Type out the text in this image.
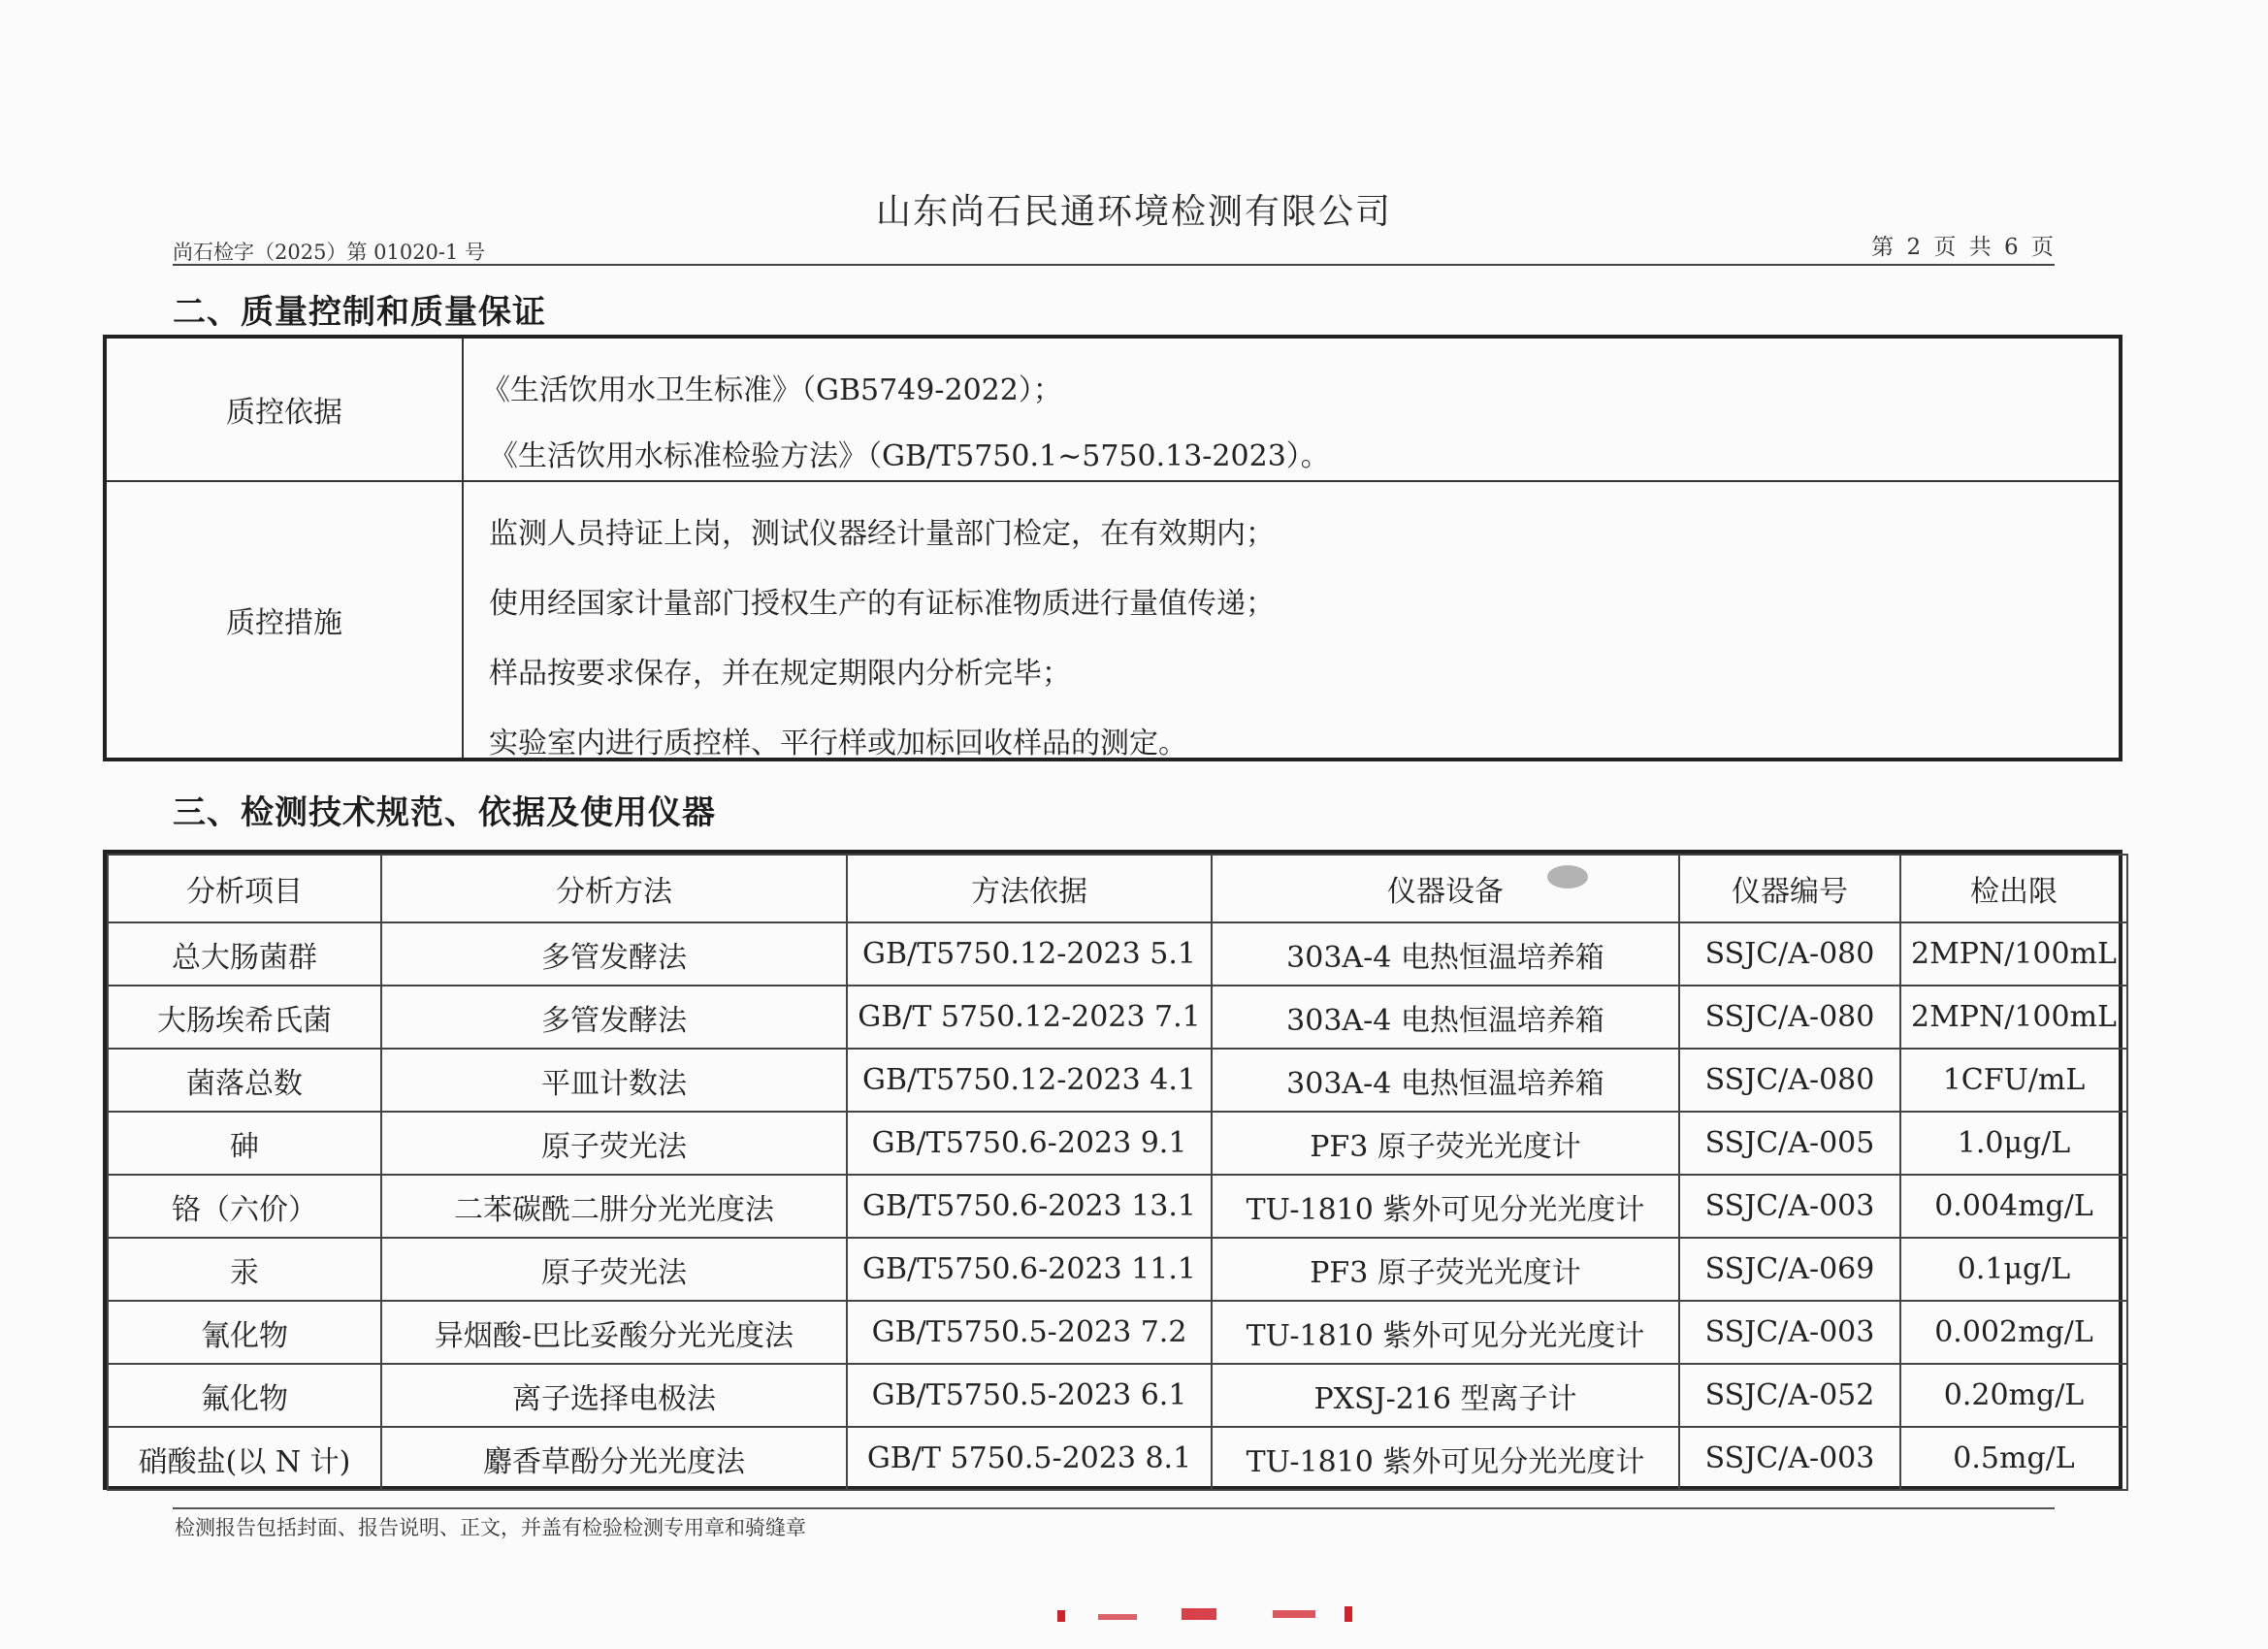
山东尚石民通环境检测有限公司
尚石检字（2025）第 01020-1 号	第 2 页 共 6 页
二、质量控制和质量保证
质控依据
《生活饮用水卫生标准》（GB5749-2022）；
《生活饮用水标准检验方法》（GB/T5750.1~5750.13-2023）。
质控措施
监测人员持证上岗，测试仪器经计量部门检定，在有效期内；
使用经国家计量部门授权生产的有证标准物质进行量值传递；
样品按要求保存，并在规定期限内分析完毕；
实验室内进行质控样、平行样或加标回收样品的测定。
三、检测技术规范、依据及使用仪器
分析项目	分析方法	方法依据	仪器设备	仪器编号	检出限
总大肠菌群	多管发酵法	GB/T5750.12-2023 5.1	303A-4 电热恒温培养箱	SSJC/A-080	2MPN/100mL
大肠埃希氏菌	多管发酵法	GB/T 5750.12-2023 7.1	303A-4 电热恒温培养箱	SSJC/A-080	2MPN/100mL
菌落总数	平皿计数法	GB/T5750.12-2023 4.1	303A-4 电热恒温培养箱	SSJC/A-080	1CFU/mL
砷	原子荧光法	GB/T5750.6-2023 9.1	PF3 原子荧光光度计	SSJC/A-005	1.0μg/L
铬（六价）	二苯碳酰二肼分光光度法	GB/T5750.6-2023 13.1	TU-1810 紫外可见分光光度计	SSJC/A-003	0.004mg/L
汞	原子荧光法	GB/T5750.6-2023 11.1	PF3 原子荧光光度计	SSJC/A-069	0.1μg/L
氰化物	异烟酸-巴比妥酸分光光度法	GB/T5750.5-2023 7.2	TU-1810 紫外可见分光光度计	SSJC/A-003	0.002mg/L
氟化物	离子选择电极法	GB/T5750.5-2023 6.1	PXSJ-216 型离子计	SSJC/A-052	0.20mg/L
硝酸盐(以 N 计)	麝香草酚分光光度法	GB/T 5750.5-2023 8.1	TU-1810 紫外可见分光光度计	SSJC/A-003	0.5mg/L
检测报告包括封面、报告说明、正文，并盖有检验检测专用章和骑缝章
